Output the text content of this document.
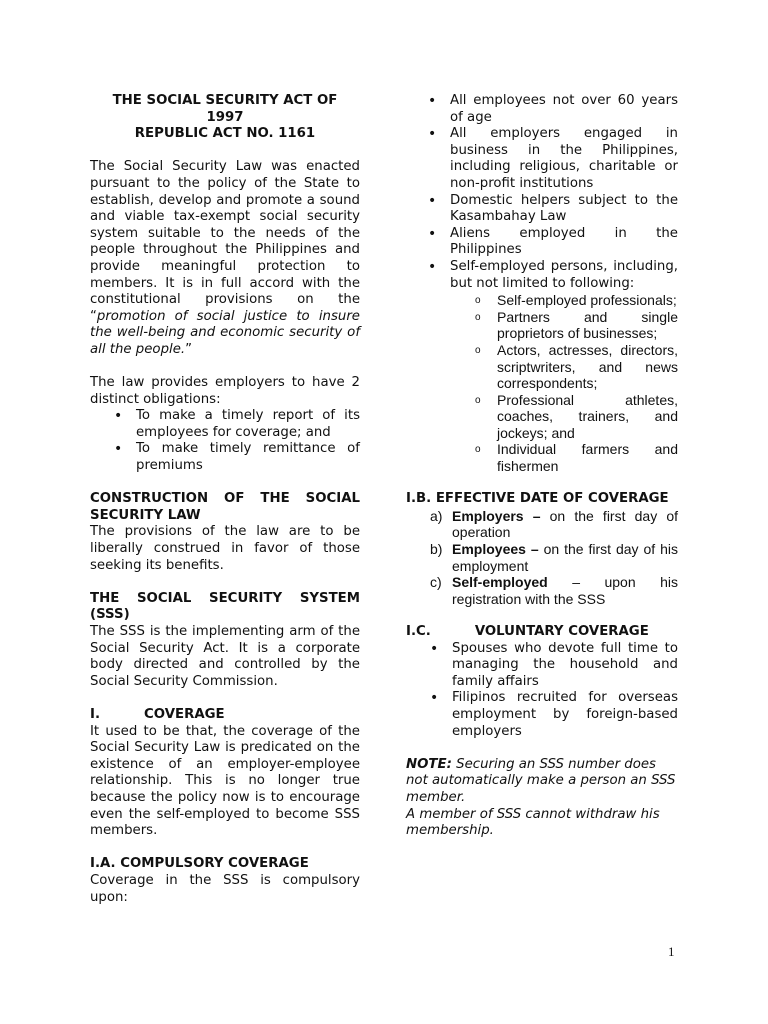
THE SOCIAL SECURITY ACT OF

1997

REPUBLIC ACT NO. 1161

The Social Security Law was enacted pursuant to the policy of the State to establish, develop and promote a sound and viable tax-exempt social security system suitable to the needs of the people throughout the Philippines and provide meaningful protection to members. It is in full accord with the constitutional provisions on the “promotion of social justice to insure the well-being and economic security of all the people.”

The law provides employers to have 2 distinct obligations:

• To make a timely report of its employees for coverage; and
• To make timely remittance of premiums

CONSTRUCTION OF THE SOCIAL SECURITY LAW

The provisions of the law are to be liberally construed in favor of those seeking its benefits.

THE SOCIAL SECURITY SYSTEM (SSS)

The SSS is the implementing arm of the Social Security Act. It is a corporate body directed and controlled by the Social Security Commission.

I.	COVERAGE

It used to be that, the coverage of the Social Security Law is predicated on the existence of an employer-employee relationship. This is no longer true because the policy now is to encourage even the self-employed to become SSS members.

I.A. COMPULSORY COVERAGE

Coverage in the SSS is compulsory upon:

• All employees not over 60 years of age
• All employers engaged in business in the Philippines, including religious, charitable or non-profit institutions
• Domestic helpers subject to the Kasambahay Law
• Aliens employed in the Philippines
• Self-employed persons, including, but not limited to following:
o Self-employed professionals;
o Partners and single proprietors of businesses;
o Actors, actresses, directors, scriptwriters, and news correspondents;
o Professional athletes, coaches, trainers, and jockeys; and
o Individual farmers and fishermen

I.B. EFFECTIVE DATE OF COVERAGE

a) Employers – on the first day of operation
b) Employees – on the first day of his employment
c) Self-employed – upon his registration with the SSS

I.C.	VOLUNTARY COVERAGE

• Spouses who devote full time to managing the household and family affairs
• Filipinos recruited for overseas employment by foreign-based employers

NOTE: Securing an SSS number does not automatically make a person an SSS member.

A member of SSS cannot withdraw his membership.

1
